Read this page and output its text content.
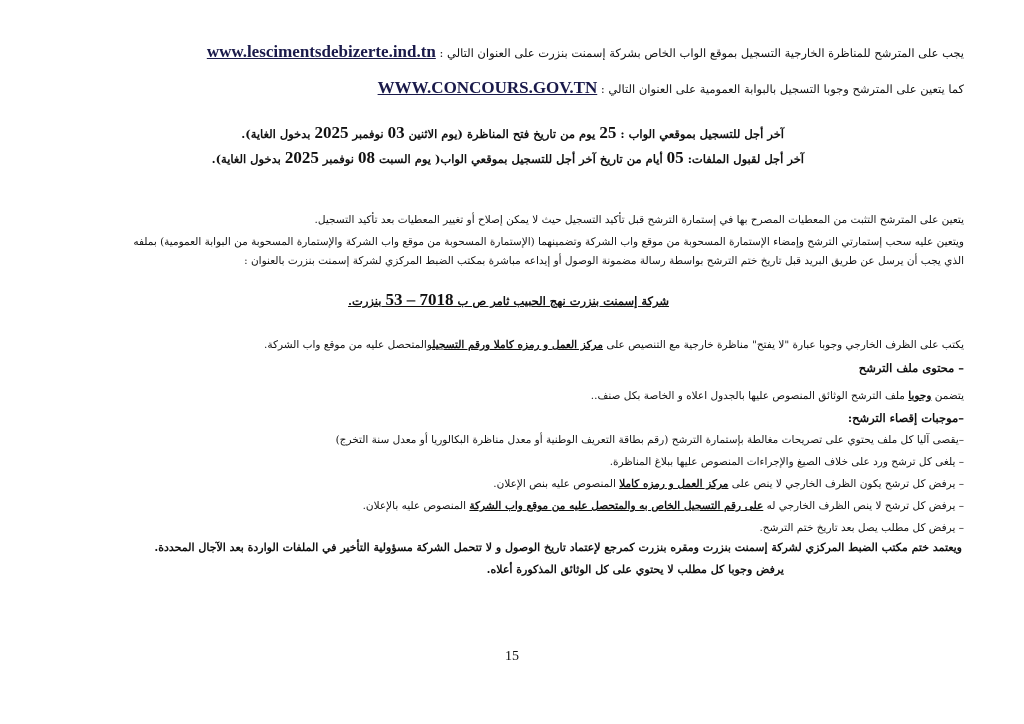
يجب على المترشح للمناظرة الخارجية التسجيل بموقع الواب الخاص بشركة إسمنت بنزرت على العنوان التالي : www.lesciments​debizerte.ind.tn
كما يتعين على المترشح وجوبا التسجيل بالبوابة العمومية على العنوان التالي : WWW.CONCOURS.GOV.TN
آخر أجل للتسجيل بموقعي الواب : 25 يوم من تاريخ فتح المناظرة (يوم الاثنين 03 نوفمبر 2025 بدخول الغاية).
آخر أجل لقبول الملفات: 05 أيام من تاريخ آخر أجل للتسجيل بموقعي الواب( يوم السبت 08 نوفمبر 2025 بدخول الغاية).
يتعين على المترشح التثبت من المعطيات المصرح بها في إستمارة الترشح قبل تأكيد التسجيل حيث لا يمكن إصلاح أو تغيير المعطيات بعد تأكيد التسجيل.
ويتعين عليه سحب إستمارتي الترشح وإمضاء الإستمارة المسحوبة من موقع واب الشركة وتضمينهما (الإستمارة المسحوبة من موقع واب الشركة والإستمارة المسحوبة من البوابة العمومية) بملفه
الذي يجب أن يرسل عن طريق البريد قبل تاريخ ختم الترشح بواسطة رسالة مضمونة الوصول أو إيداعه مباشرة بمكتب الضبط المركزي لشركة إسمنت بنزرت بالعنوان :
شركة إسمنت بنزرت نهج الحبيب ثامر ص ب 53 – 7018 بنزرت.
يكتب على الظرف الخارجي وجوبا عبارة "لا يفتح" مناظرة خارجية مع التنصيص على مركز العمل و رمزه كاملا ورقم التسجيلوالمتحصل عليه من موقع واب الشركة.
– محتوى ملف الترشح
يتضمن وجوبا ملف الترشح الوثائق المنصوص عليها بالجدول اعلاه و الخاصة بكل صنف..
–موجبات إقصاء الترشح:
–يقصى آليا كل ملف يحتوي على تصريحات مغالطة بإستمارة الترشح (رقم بطاقة التعريف الوطنية أو معدل مناظرة البكالوريا أو معدل سنة التخرج)
– يلغى كل ترشح ورد على خلاف الصيغ والإجراءات المنصوص عليها ببلاغ المناظرة.
– يرفض كل ترشح يكون الظرف الخارجي لا ينص على مركز العمل و رمزه كاملا المنصوص عليه بنص الإعلان.
– يرفض كل ترشح لا ينص الظرف الخارجي له على رقم التسجيل الخاص به والمتحصل عليه من موقع واب الشركة المنصوص عليه بالإعلان.
– يرفض كل مطلب يصل بعد تاريخ ختم الترشح.
ويعتمد ختم مكتب الضبط المركزي لشركة إسمنت بنزرت ومقره بنزرت كمرجع لإعتماد تاريخ الوصول و لا تتحمل الشركة مسؤولية التأخير في الملفات الواردة بعد الآجال المحددة.
يرفض وجوبا كل مطلب لا يحتوي على كل الوثائق المذكورة أعلاه.
15
